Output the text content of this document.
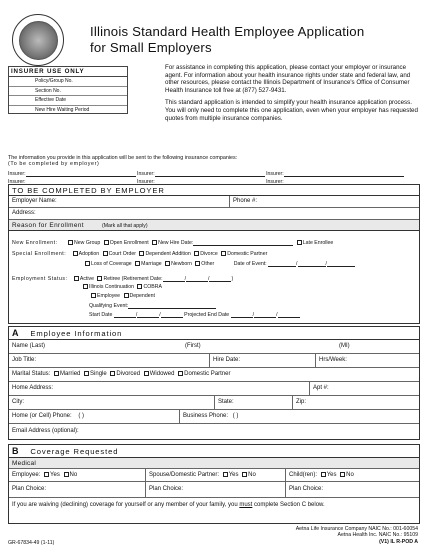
Illinois Standard Health Employee Application
for Small Employers
INSURER USE ONLY
Policy/Group No.
Section No.
Effective Date
New Hire Waiting Period

For assistance in completing this application, please contact your employer or insurance agent. For information about your health insurance rights under state and federal law, and other resources, please contact the Illinois Department of Insurance's Office of Consumer Health Insurance toll free at (877) 527-9431.

This standard application is intended to simplify your health insurance application process. You will only need to complete this one application, even when your employer has requested quotes from multiple insurance companies.

The information you provide in this application will be sent to the following insurance companies:
(To be completed by employer)
Insurer:	Insurer:	Insurer:
Insurer:	Insurer:	Insurer:
TO BE COMPLETED BY EMPLOYER
Employer Name:	Phone #:
Address:
Reason for Enrollment	(Mark all that apply)
New Enrollment:	New Group Open Enrollment New Hire Date:	Late Enrollee
Special Enrollment: Adoption Court Order Dependent Addition Divorce Domestic Partner
Loss of Coverage Marriage Newborn Other	Date of Event:	/	/
Employment Status: Active Retiree (Retirement Date:	/	/	)
Illinois Continuation COBRA
Employee Dependent
Qualifying Event:
Start Date	/	/	Projected End Date	/	/
A Employee Information
Name (Last)	(First)	(MI)
Job Title:	Hire Date:	Hrs/Week:
Marital Status: Married Single Divorced Widowed Domestic Partner
Home Address:	Apt #:
City:	State:	Zip:
Home (or Cell) Phone: ( )	Business Phone: ( )
Email Address (optional):
B Coverage Requested
Medical
Employee: Yes No	Spouse/Domestic Partner: Yes No	Child(ren): Yes No
Plan Choice:	Plan Choice:	Plan Choice:
If you are waiving (declining) coverage for yourself or any member of your family, you must complete Section C below.
Aetna Life Insurance Company NAIC No.: 001-60054
Aetna Health Inc. NAIC No.: 95109
(V1) IL R-POD A
GR-67834-49 (1-11)
